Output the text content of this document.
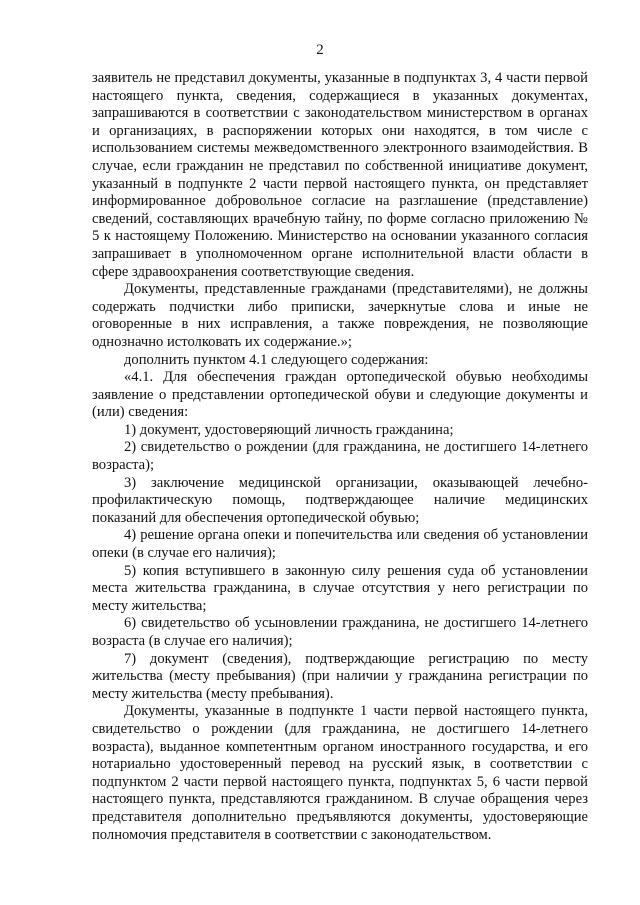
2

заявитель не представил документы, указанные в подпунктах 3, 4 части первой настоящего пункта, сведения, содержащиеся в указанных документах, запрашиваются в соответствии с законодательством министерством в органах и организациях, в распоряжении которых они находятся, в том числе с использованием системы межведомственного электронного взаимодействия. В случае, если гражданин не представил по собственной инициативе документ, указанный в подпункте 2 части первой настоящего пункта, он представляет информированное добровольное согласие на разглашение (представление) сведений, составляющих врачебную тайну, по форме согласно приложению № 5 к настоящему Положению. Министерство на основании указанного согласия запрашивает в уполномоченном органе исполнительной власти области в сфере здравоохранения соответствующие сведения.

Документы, представленные гражданами (представителями), не должны содержать подчистки либо приписки, зачеркнутые слова и иные не оговоренные в них исправления, а также повреждения, не позволяющие однозначно истолковать их содержание.»;

дополнить пунктом 4.1 следующего содержания:

«4.1. Для обеспечения граждан ортопедической обувью необходимы заявление о представлении ортопедической обуви и следующие документы и (или) сведения:

1) документ, удостоверяющий личность гражданина;

2) свидетельство о рождении (для гражданина, не достигшего 14-летнего возраста);

3) заключение медицинской организации, оказывающей лечебно-профилактическую помощь, подтверждающее наличие медицинских показаний для обеспечения ортопедической обувью;

4) решение органа опеки и попечительства или сведения об установлении опеки (в случае его наличия);

5) копия вступившего в законную силу решения суда об установлении места жительства гражданина, в случае отсутствия у него регистрации по месту жительства;

6) свидетельство об усыновлении гражданина, не достигшего 14-летнего возраста (в случае его наличия);

7) документ (сведения), подтверждающие регистрацию по месту жительства (месту пребывания) (при наличии у гражданина регистрации по месту жительства (месту пребывания).

Документы, указанные в подпункте 1 части первой настоящего пункта, свидетельство о рождении (для гражданина, не достигшего 14-летнего возраста), выданное компетентным органом иностранного государства, и его нотариально удостоверенный перевод на русский язык, в соответствии с подпунктом 2 части первой настоящего пункта, подпунктах 5, 6 части первой настоящего пункта, представляются гражданином. В случае обращения через представителя дополнительно предъявляются документы, удостоверяющие полномочия представителя в соответствии с законодательством.
